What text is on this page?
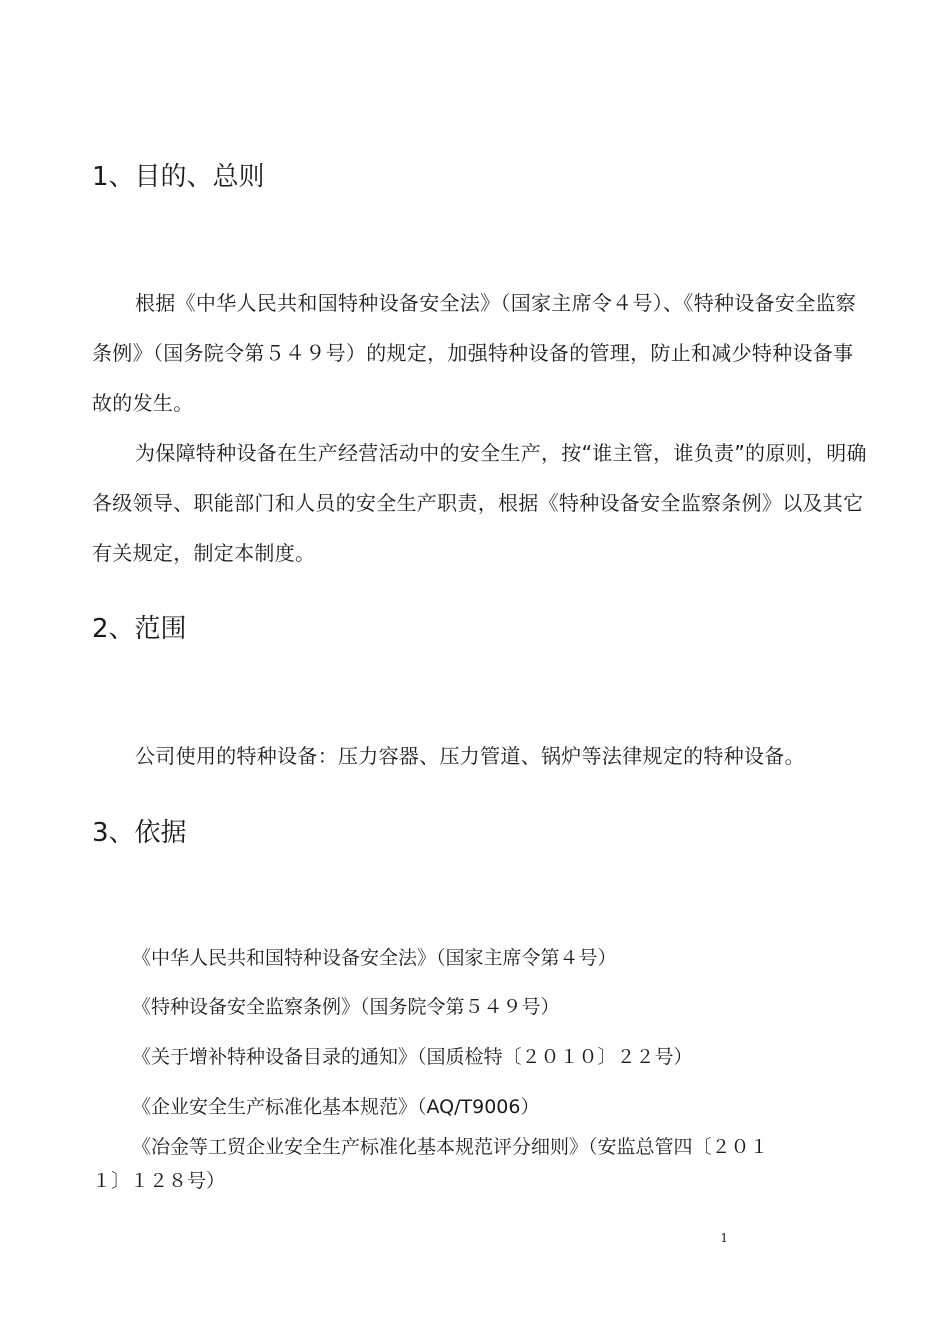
1、目的、总则

根据《中华人民共和国特种设备安全法》（国家主席令４号）、《特种设备安全监察条例》（国务院令第５４９号）的规定，加强特种设备的管理，防止和减少特种设备事故的发生。

为保障特种设备在生产经营活动中的安全生产，按“谁主管，谁负责”的原则，明确各级领导、职能部门和人员的安全生产职责，根据《特种设备安全监察条例》以及其它有关规定，制定本制度。

2、范围

公司使用的特种设备：压力容器、压力管道、锅炉等法律规定的特种设备。

3、依据

《中华人民共和国特种设备安全法》（国家主席令第４号）

《特种设备安全监察条例》（国务院令第５４９号）

《关于增补特种设备目录的通知》（国质检特〔２０１０〕２２号）

《企业安全生产标准化基本规范》（AQ/T9006）

《冶金等工贸企业安全生产标准化基本规范评分细则》（安监总管四〔２０１１〕１２８号）

1
